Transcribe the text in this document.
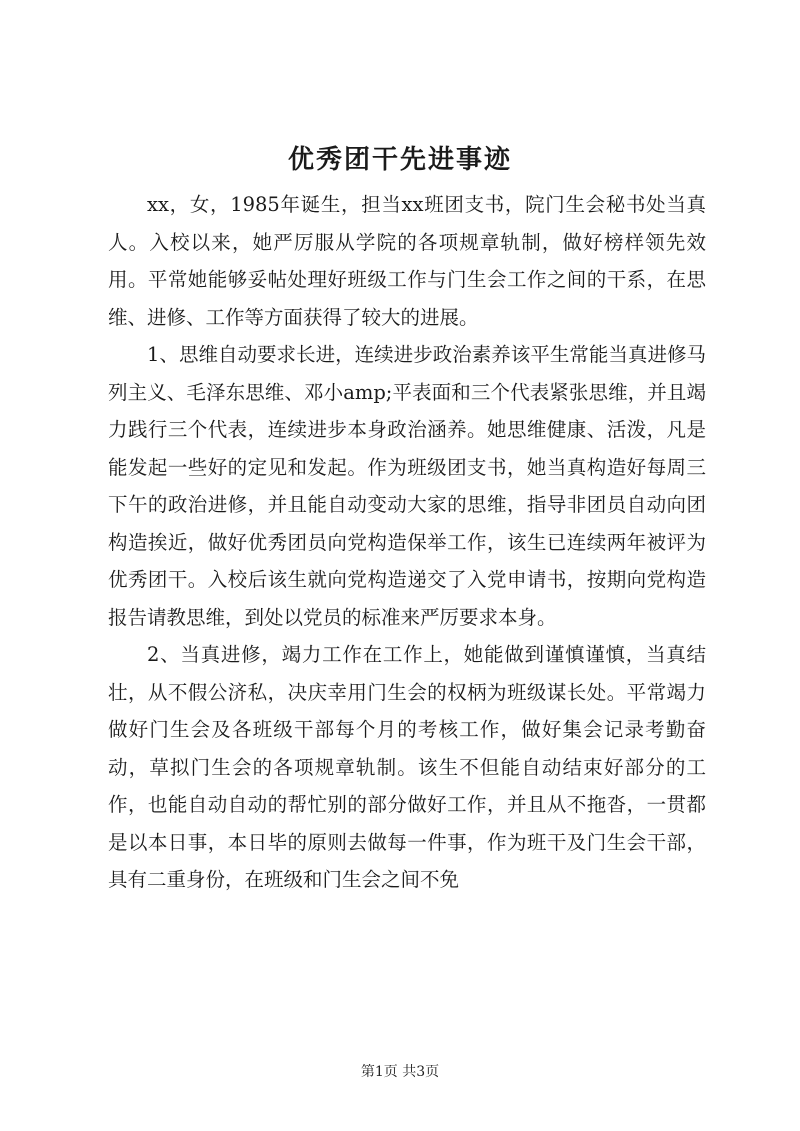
优秀团干先进事迹

xx，女，1985年诞生，担当xx班团支书，院门生会秘书处当真人。入校以来，她严厉服从学院的各项规章轨制，做好榜样领先效用。平常她能够妥帖处理好班级工作与门生会工作之间的干系，在思维、进修、工作等方面获得了较大的进展。

1、思维自动要求长进，连续进步政治素养该平生常能当真进修马列主义、毛泽东思维、邓小amp;平表面和三个代表紧张思维，并且竭力践行三个代表，连续进步本身政治涵养。她思维健康、活泼，凡是能发起一些好的定见和发起。作为班级团支书，她当真构造好每周三下午的政治进修，并且能自动变动大家的思维，指导非团员自动向团构造挨近，做好优秀团员向党构造保举工作，该生已连续两年被评为优秀团干。入校后该生就向党构造递交了入党申请书，按期向党构造报告请教思维，到处以党员的标准来严厉要求本身。

2、当真进修，竭力工作在工作上，她能做到谨慎谨慎，当真结壮，从不假公济私，决庆幸用门生会的权柄为班级谋长处。平常竭力做好门生会及各班级干部每个月的考核工作，做好集会记录考勤奋动，草拟门生会的各项规章轨制。该生不但能自动结束好部分的工作，也能自动自动的帮忙别的部分做好工作，并且从不拖沓，一贯都是以本日事，本日毕的原则去做每一件事，作为班干及门生会干部，具有二重身份，在班级和门生会之间不免

第1页 共3页
